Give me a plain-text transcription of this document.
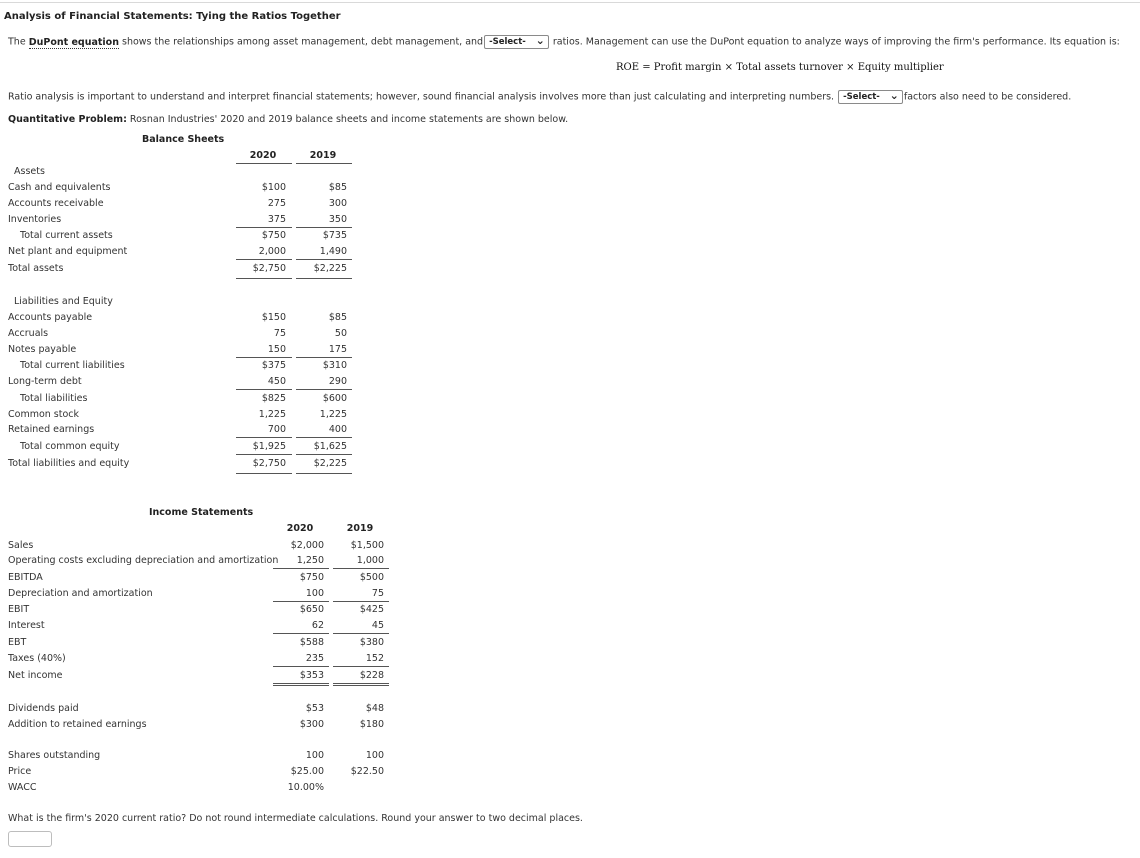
Analysis of Financial Statements: Tying the Ratios Together
The DuPont equation shows the relationships among asset management, debt management, and -Select- ⌄ ratios. Management can use the DuPont equation to analyze ways of improving the firm's performance. Its equation is:
ROE = Profit margin × Total assets turnover × Equity multiplier
Ratio analysis is important to understand and interpret financial statements; however, sound financial analysis involves more than just calculating and interpreting numbers. -Select- ⌄ factors also need to be considered.
Quantitative Problem: Rosnan Industries' 2020 and 2019 balance sheets and income statements are shown below.
Balance Sheets
2020	2019
Assets
Cash and equivalents	$100	$85
Accounts receivable	275	300
Inventories	375	350
Total current assets	$750	$735
Net plant and equipment	2,000	1,490
Total assets	$2,750	$2,225
Liabilities and Equity
Accounts payable	$150	$85
Accruals	75	50
Notes payable	150	175
Total current liabilities	$375	$310
Long-term debt	450	290
Total liabilities	$825	$600
Common stock	1,225	1,225
Retained earnings	700	400
Total common equity	$1,925	$1,625
Total liabilities and equity	$2,750	$2,225
Income Statements
2020	2019
Sales	$2,000	$1,500
Operating costs excluding depreciation and amortization	1,250	1,000
EBITDA	$750	$500
Depreciation and amortization	100	75
EBIT	$650	$425
Interest	62	45
EBT	$588	$380
Taxes (40%)	235	152
Net income	$353	$228
Dividends paid	$53	$48
Addition to retained earnings	$300	$180
Shares outstanding	100	100
Price	$25.00	$22.50
WACC	10.00%
What is the firm's 2020 current ratio? Do not round intermediate calculations. Round your answer to two decimal places.
